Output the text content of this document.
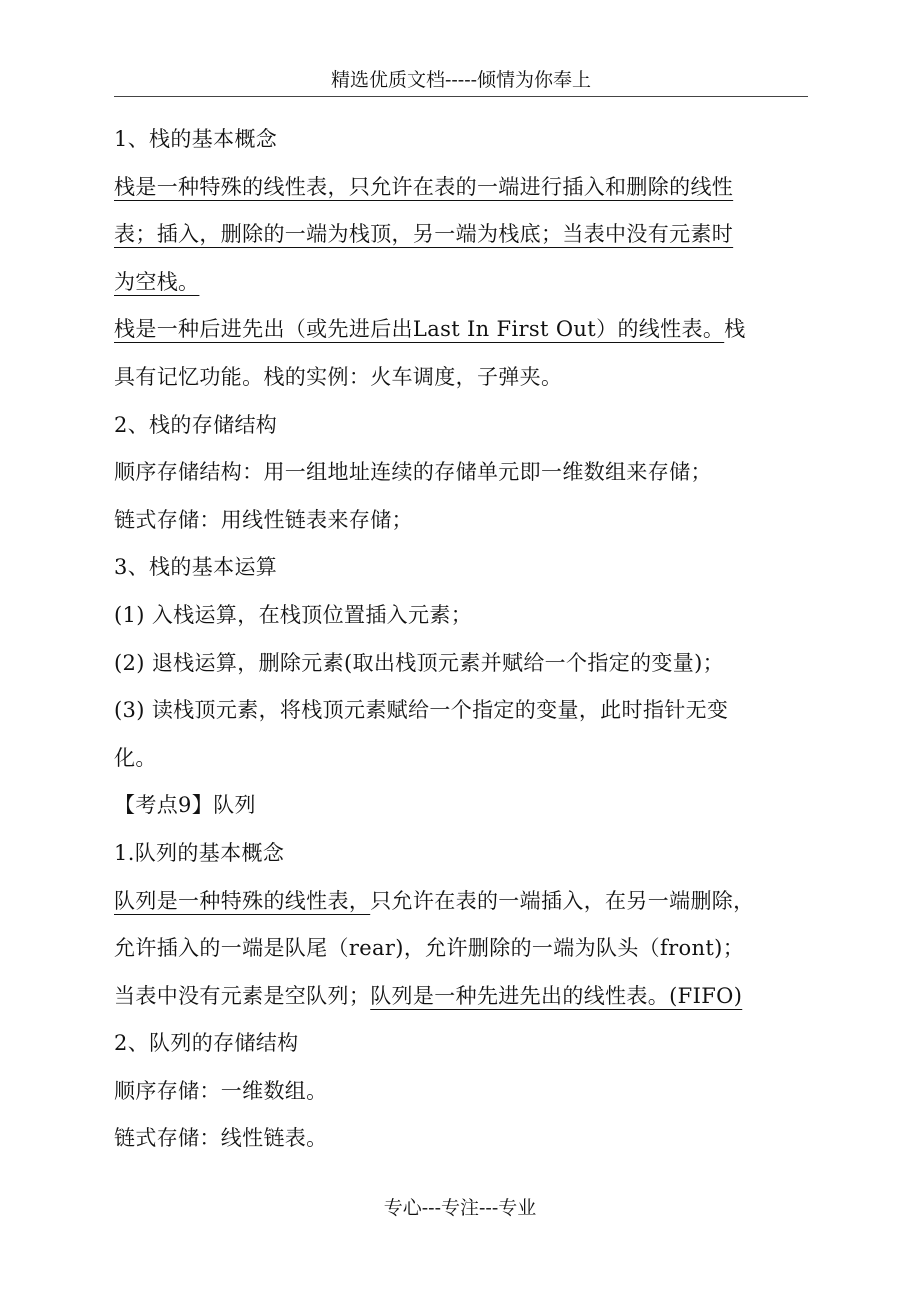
精选优质文档-----倾情为你奉上
1、栈的基本概念
栈是一种特殊的线性表，只允许在表的一端进行插入和删除的线性
表；插入，删除的一端为栈顶，另一端为栈底；当表中没有元素时
为空栈。
栈是一种后进先出（或先进后出Last In First Out）的线性表。栈
具有记忆功能。栈的实例：火车调度，子弹夹。
2、栈的存储结构
顺序存储结构：用一组地址连续的存储单元即一维数组来存储；
链式存储：用线性链表来存储；
3、栈的基本运算
(1) 入栈运算，在栈顶位置插入元素；
(2) 退栈运算，删除元素(取出栈顶元素并赋给一个指定的变量)；
(3) 读栈顶元素，将栈顶元素赋给一个指定的变量，此时指针无变
化。
【考点9】队列
1.队列的基本概念
队列是一种特殊的线性表，只允许在表的一端插入，在另一端删除，
允许插入的一端是队尾（rear)，允许删除的一端为队头（front)；
当表中没有元素是空队列；队列是一种先进先出的线性表。(FIFO)
2、队列的存储结构
顺序存储：一维数组。
链式存储：线性链表。
专心---专注---专业
